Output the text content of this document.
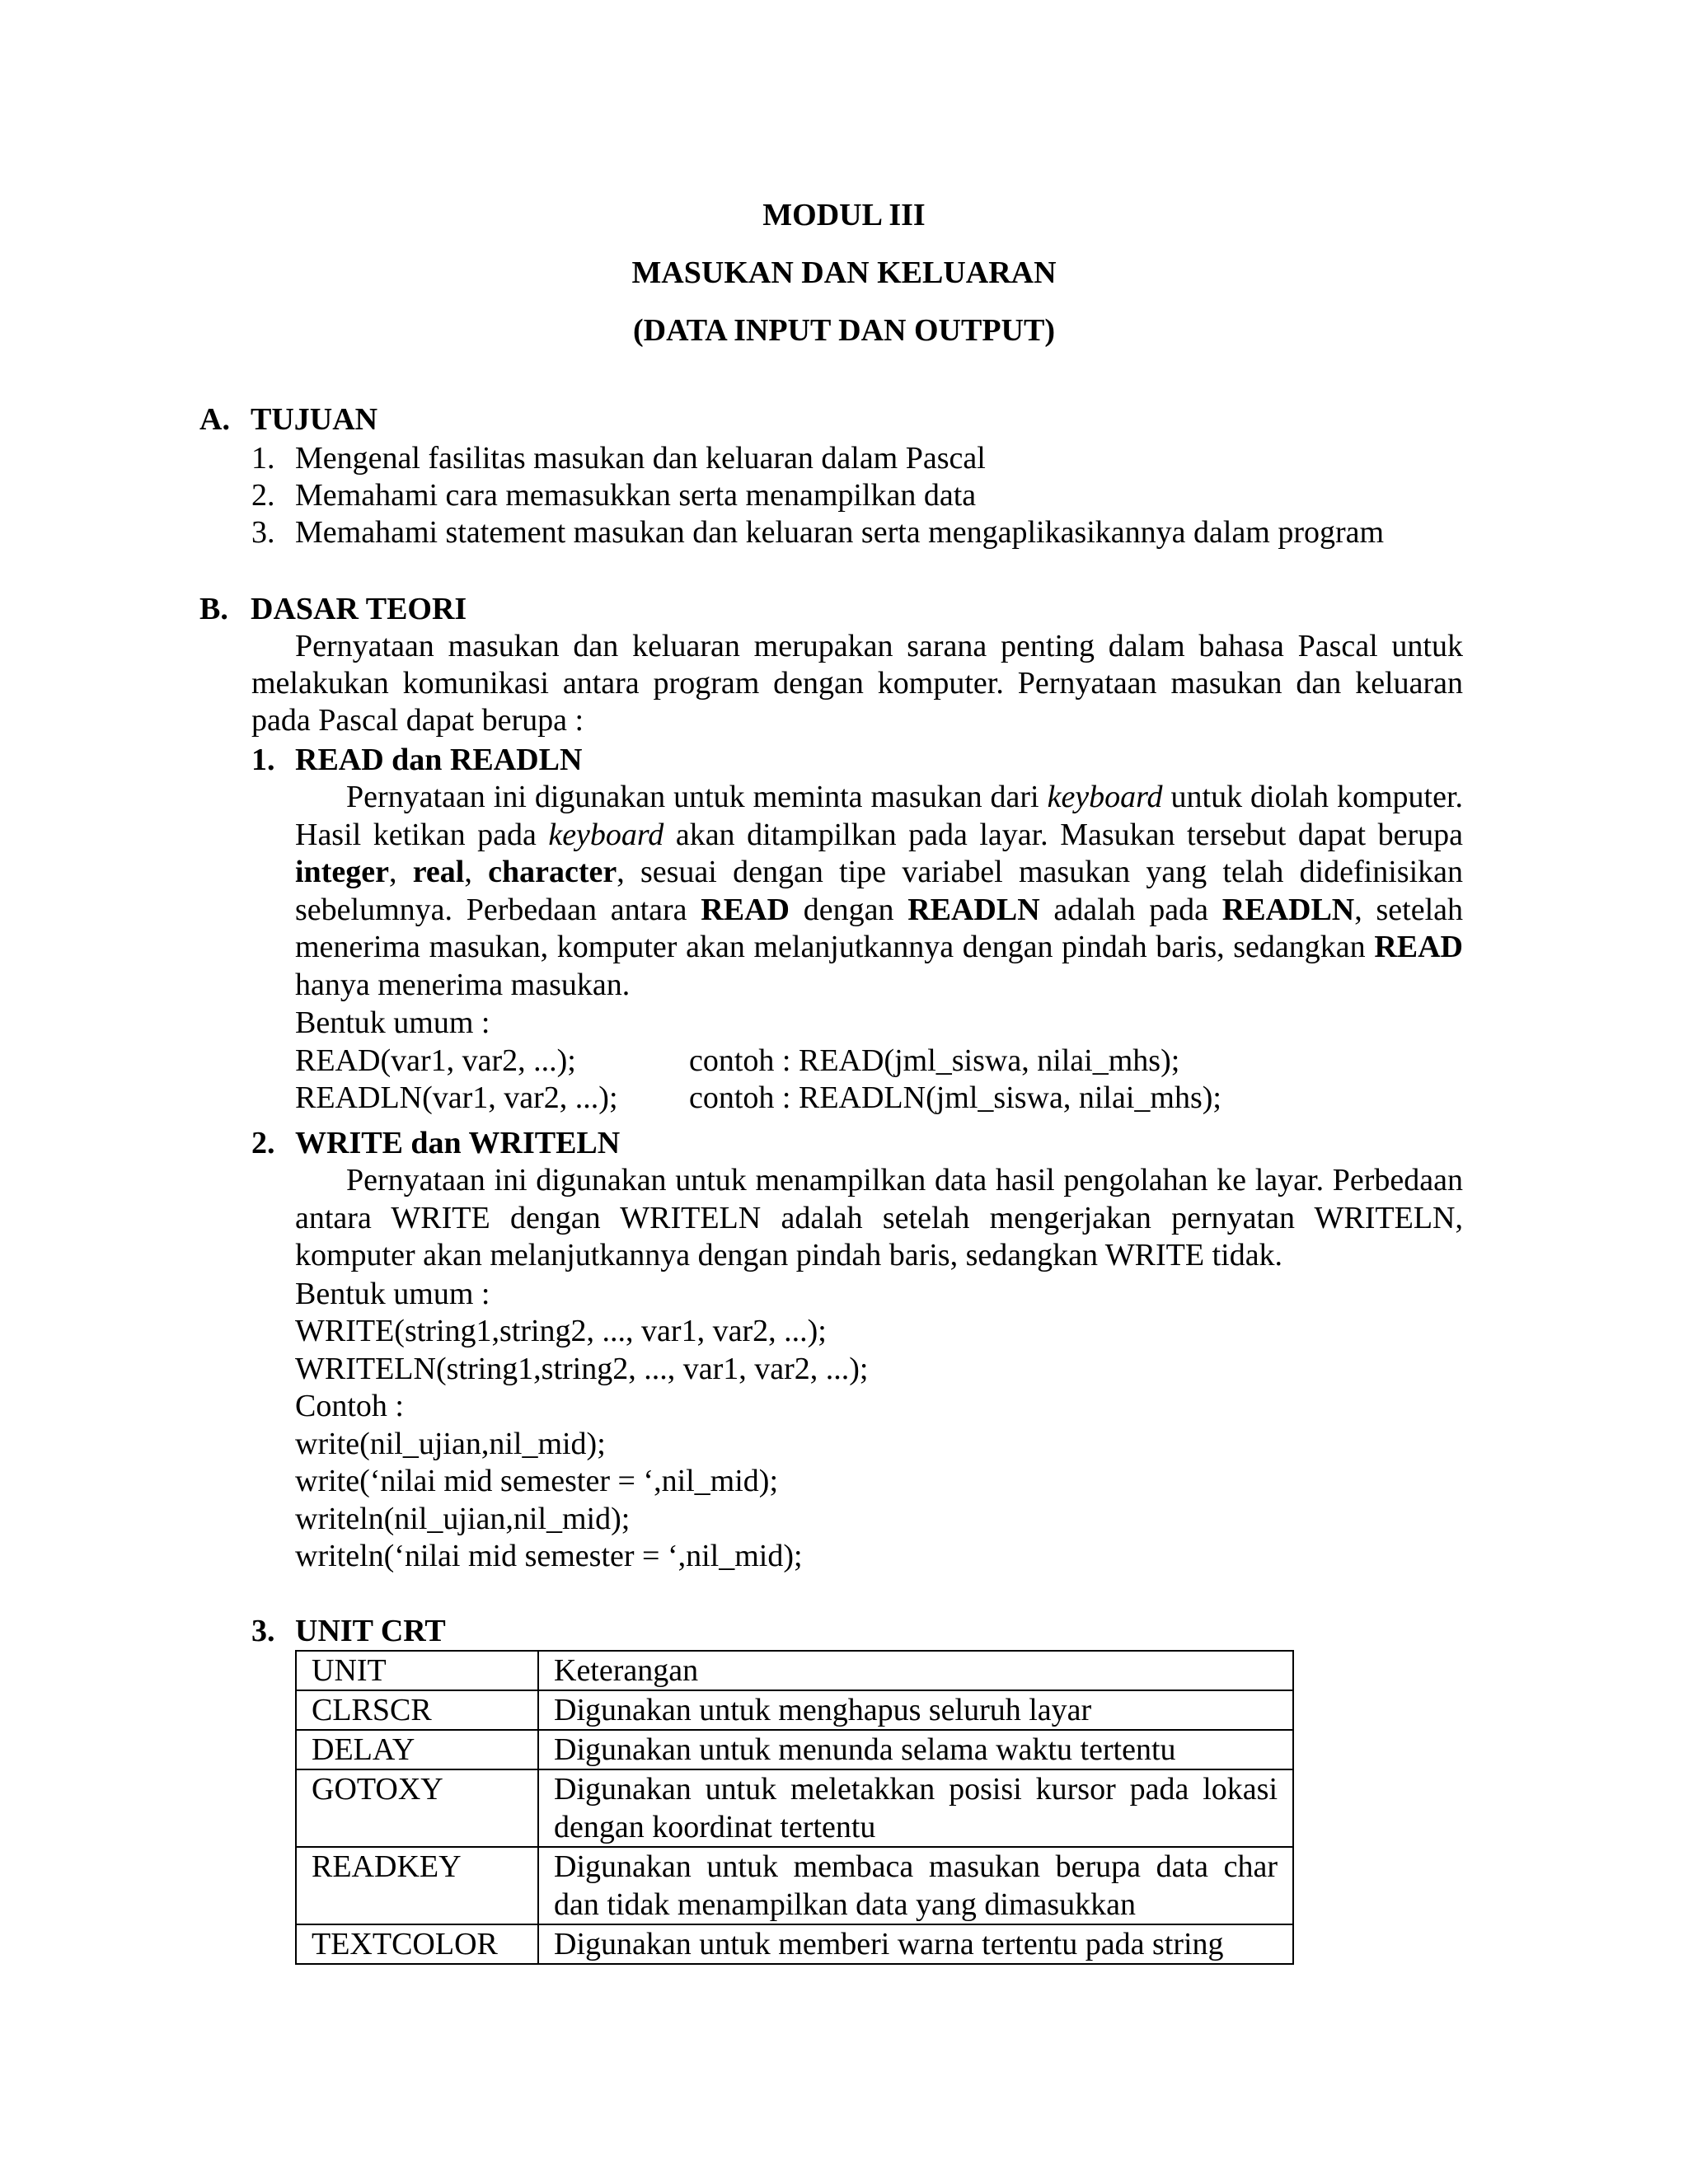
MODUL III
MASUKAN DAN KELUARAN
(DATA INPUT DAN OUTPUT)
A. TUJUAN
1. Mengenal fasilitas masukan dan keluaran dalam Pascal
2. Memahami cara memasukkan serta menampilkan data
3. Memahami statement masukan dan keluaran serta mengaplikasikannya dalam program
B. DASAR TEORI

Pernyataan masukan dan keluaran merupakan sarana penting dalam bahasa Pascal untuk melakukan komunikasi antara program dengan komputer. Pernyataan masukan dan keluaran pada Pascal dapat berupa :

1. READ dan READLN

Pernyataan ini digunakan untuk meminta masukan dari keyboard untuk diolah komputer. Hasil ketikan pada keyboard akan ditampilkan pada layar. Masukan tersebut dapat berupa integer, real, character, sesuai dengan tipe variabel masukan yang telah didefinisikan sebelumnya. Perbedaan antara READ dengan READLN adalah pada READLN, setelah menerima masukan, komputer akan melanjutkannya dengan pindah baris, sedangkan READ hanya menerima masukan.

Bentuk umum :
READ(var1, var2, ...);	contoh : READ(jml_siswa, nilai_mhs);
READLN(var1, var2, ...); contoh : READLN(jml_siswa, nilai_mhs);
2. WRITE dan WRITELN

Pernyataan ini digunakan untuk menampilkan data hasil pengolahan ke layar. Perbedaan antara WRITE dengan WRITELN adalah setelah mengerjakan pernyatan WRITELN, komputer akan melanjutkannya dengan pindah baris, sedangkan WRITE tidak.

Bentuk umum :
WRITE(string1,string2, ..., var1, var2, ...);
WRITELN(string1,string2, ..., var1, var2, ...);
Contoh :
write(nil_ujian,nil_mid);
write(‘nilai mid semester = ‘,nil_mid);
writeln(nil_ujian,nil_mid);
writeln(‘nilai mid semester = ‘,nil_mid);
3. UNIT CRT
UNIT	Keterangan
CLRSCR	Digunakan untuk menghapus seluruh layar
DELAY	Digunakan untuk menunda selama waktu tertentu
GOTOXY	Digunakan untuk meletakkan posisi kursor pada lokasi dengan koordinat tertentu
READKEY	Digunakan untuk membaca masukan berupa data char dan tidak menampilkan data yang dimasukkan
TEXTCOLOR	Digunakan untuk memberi warna tertentu pada string
